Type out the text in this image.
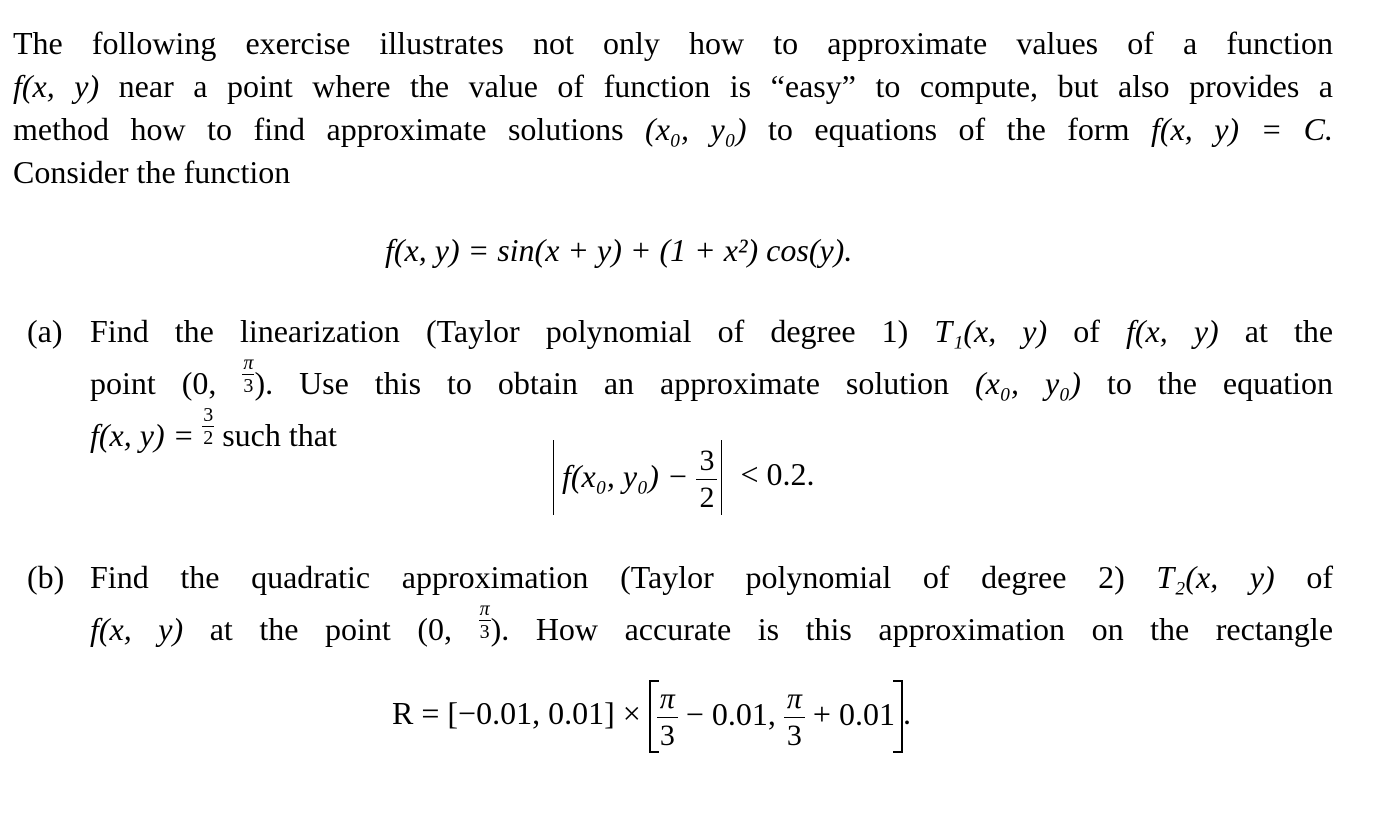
The following exercise illustrates not only how to approximate values of a function
f(x, y) near a point where the value of function is “easy” to compute, but also provides a
method how to find approximate solutions (x₀, y₀) to equations of the form f(x, y) = C.
Consider the function
f(x, y) = sin(x + y) + (1 + x²) cos(y).
(a) Find the linearization (Taylor polynomial of degree 1) T₁(x, y) of f(x, y) at the
point (0, $\frac{\pi}{3}$ ). Use this to obtain an approximate solution (x₀, y₀) to the equation
f(x, $y) = \frac{3}{2}$ such that
f(x₀, $y_0) - \frac{3}{2} < 0.2$.
(b) Find the quadratic approximation (Taylor polynomial of degree 2) T₂(x, y) of
f(x, y) at the point (0, $\frac{\pi}{3}$ ). How accurate is this approximation on the rectangle
R = [−0.01, $0.01] \times \frac{\pi}{3} - 0.01$, $\frac{\pi}{3} + 0.01$ .
